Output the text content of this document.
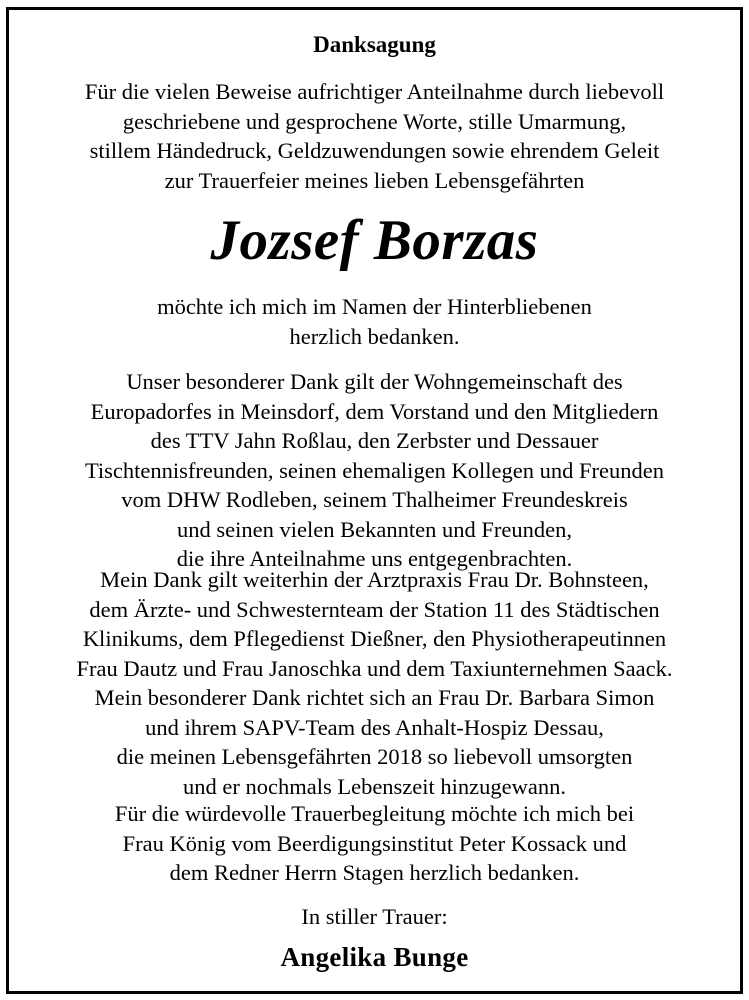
Danksagung
Für die vielen Beweise aufrichtiger Anteilnahme durch liebevoll
geschriebene und gesprochene Worte, stille Umarmung,
stillem Händedruck, Geldzuwendungen sowie ehrendem Geleit
zur Trauerfeier meines lieben Lebensgefährten
Jozsef Borzas
möchte ich mich im Namen der Hinterbliebenen
herzlich bedanken.
Unser besonderer Dank gilt der Wohngemeinschaft des
Europadorfes in Meinsdorf, dem Vorstand und den Mitgliedern
des TTV Jahn Roßlau, den Zerbster und Dessauer
Tischtennisfreunden, seinen ehemaligen Kollegen und Freunden
vom DHW Rodleben, seinem Thalheimer Freundeskreis
und seinen vielen Bekannten und Freunden,
die ihre Anteilnahme uns entgegenbrachten.
Mein Dank gilt weiterhin der Arztpraxis Frau Dr. Bohnsteen,
dem Ärzte- und Schwesternteam der Station 11 des Städtischen
Klinikums, dem Pflegedienst Dießner, den Physiotherapeutinnen
Frau Dautz und Frau Janoschka und dem Taxiunternehmen Saack.
Mein besonderer Dank richtet sich an Frau Dr. Barbara Simon
und ihrem SAPV-Team des Anhalt-Hospiz Dessau,
die meinen Lebensgefährten 2018 so liebevoll umsorgten
und er nochmals Lebenszeit hinzugewann.
Für die würdevolle Trauerbegleitung möchte ich mich bei
Frau König vom Beerdigungsinstitut Peter Kossack und
dem Redner Herrn Stagen herzlich bedanken.
In stiller Trauer:
Angelika Bunge
